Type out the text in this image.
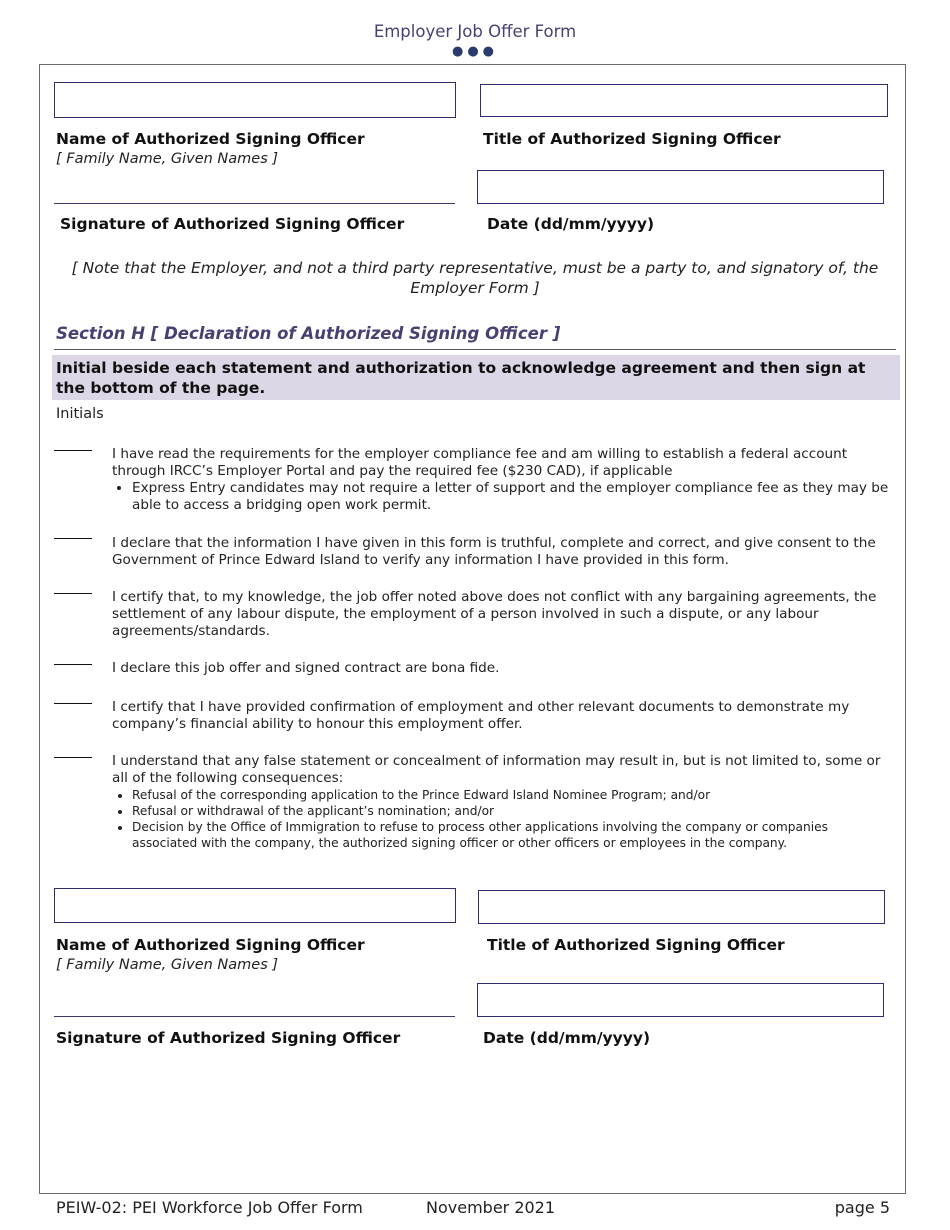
Employer Job Offer Form
●●●
Name of Authorized Signing Officer
[ Family Name, Given Names ]
Title of Authorized Signing Officer
Signature of Authorized Signing Officer	Date (dd/mm/yyyy)
[ Note that the Employer, and not a third party representative, must be a party to, and signatory of, the Employer Form ]
Section H [ Declaration of Authorized Signing Officer ]
Initial beside each statement and authorization to acknowledge agreement and then sign at the bottom of the page.
Initials
I have read the requirements for the employer compliance fee and am willing to establish a federal account through IRCC’s Employer Portal and pay the required fee ($230 CAD), if applicable
• Express Entry candidates may not require a letter of support and the employer compliance fee as they may be able to access a bridging open work permit.
I declare that the information I have given in this form is truthful, complete and correct, and give consent to the Government of Prince Edward Island to verify any information I have provided in this form.
I certify that, to my knowledge, the job offer noted above does not conflict with any bargaining agreements, the settlement of any labour dispute, the employment of a person involved in such a dispute, or any labour agreements/standards.
I declare this job offer and signed contract are bona fide.
I certify that I have provided confirmation of employment and other relevant documents to demonstrate my company’s financial ability to honour this employment offer.
I understand that any false statement or concealment of information may result in, but is not limited to, some or all of the following consequences:
• Refusal of the corresponding application to the Prince Edward Island Nominee Program; and/or
• Refusal or withdrawal of the applicant’s nomination; and/or
• Decision by the Office of Immigration to refuse to process other applications involving the company or companies associated with the company, the authorized signing officer or other officers or employees in the company.
Name of Authorized Signing Officer
[ Family Name, Given Names ]
Title of Authorized Signing Officer
Signature of Authorized Signing Officer	Date (dd/mm/yyyy)
PEIW-02: PEI Workforce Job Offer Form	November 2021	page 5
